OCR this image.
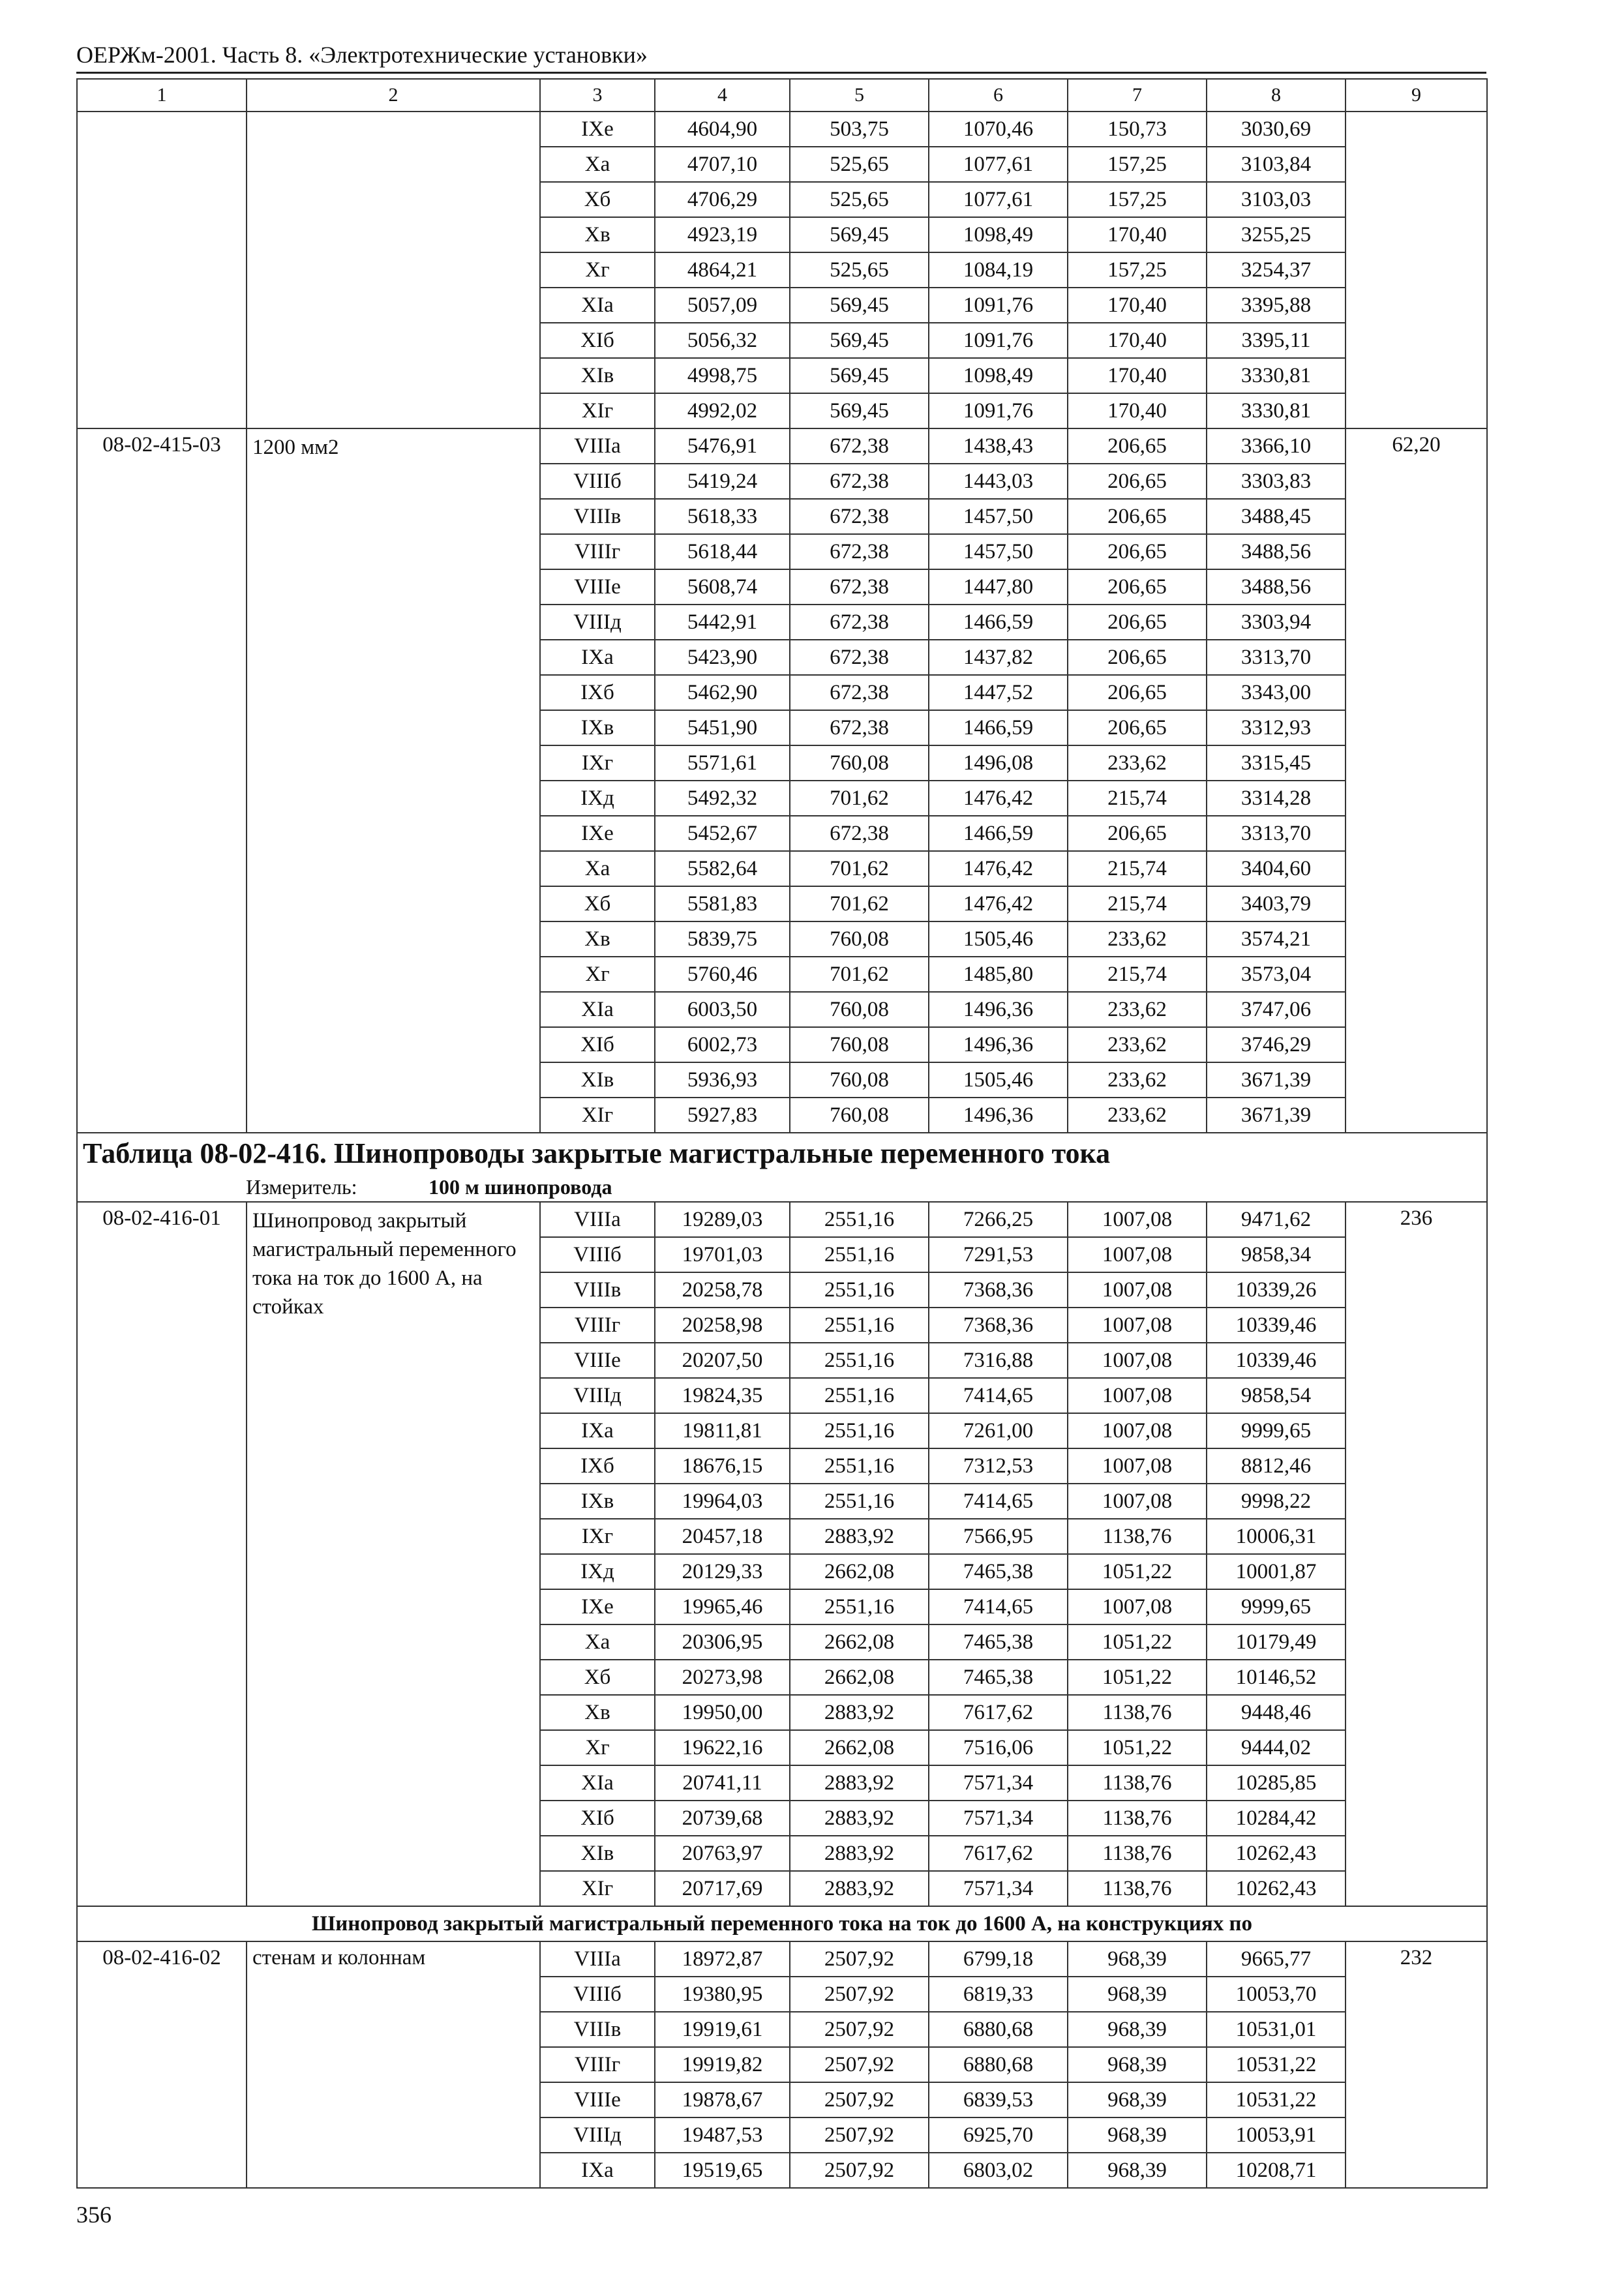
ОЕРЖм-2001. Часть 8. «Электротехнические установки»
1	2	3	4	5	6	7	8	9
		IXе	4604,90	503,75	1070,46	150,73	3030,69	
		Xа	4707,10	525,65	1077,61	157,25	3103,84	
		Xб	4706,29	525,65	1077,61	157,25	3103,03	
		Xв	4923,19	569,45	1098,49	170,40	3255,25	
		Xг	4864,21	525,65	1084,19	157,25	3254,37	
		XIа	5057,09	569,45	1091,76	170,40	3395,88	
		XIб	5056,32	569,45	1091,76	170,40	3395,11	
		XIв	4998,75	569,45	1098,49	170,40	3330,81	
		XIг	4992,02	569,45	1091,76	170,40	3330,81	
08-02-415-03	1200 мм2	VIIIа	5476,91	672,38	1438,43	206,65	3366,10	62,20
		VIIIб	5419,24	672,38	1443,03	206,65	3303,83	
		VIIIв	5618,33	672,38	1457,50	206,65	3488,45	
		VIIIг	5618,44	672,38	1457,50	206,65	3488,56	
		VIIIе	5608,74	672,38	1447,80	206,65	3488,56	
		VIIIд	5442,91	672,38	1466,59	206,65	3303,94	
		IXа	5423,90	672,38	1437,82	206,65	3313,70	
		IXб	5462,90	672,38	1447,52	206,65	3343,00	
		IXв	5451,90	672,38	1466,59	206,65	3312,93	
		IXг	5571,61	760,08	1496,08	233,62	3315,45	
		IXд	5492,32	701,62	1476,42	215,74	3314,28	
		IXе	5452,67	672,38	1466,59	206,65	3313,70	
		Xа	5582,64	701,62	1476,42	215,74	3404,60	
		Xб	5581,83	701,62	1476,42	215,74	3403,79	
		Xв	5839,75	760,08	1505,46	233,62	3574,21	
		Xг	5760,46	701,62	1485,80	215,74	3573,04	
		XIа	6003,50	760,08	1496,36	233,62	3747,06	
		XIб	6002,73	760,08	1496,36	233,62	3746,29	
		XIв	5936,93	760,08	1505,46	233,62	3671,39	
		XIг	5927,83	760,08	1496,36	233,62	3671,39	
Таблица 08-02-416. Шинопроводы закрытые магистральные переменного тока								
Измеритель: 100 м шинопровода								
08-02-416-01	Шинопровод закрытый магистральный переменного тока на ток до 1600 А, на стойках	VIIIа	19289,03	2551,16	7266,25	1007,08	9471,62	236
		VIIIб	19701,03	2551,16	7291,53	1007,08	9858,34	
		VIIIв	20258,78	2551,16	7368,36	1007,08	10339,26	
		VIIIг	20258,98	2551,16	7368,36	1007,08	10339,46	
		VIIIе	20207,50	2551,16	7316,88	1007,08	10339,46	
		VIIIд	19824,35	2551,16	7414,65	1007,08	9858,54	
		IXа	19811,81	2551,16	7261,00	1007,08	9999,65	
		IXб	18676,15	2551,16	7312,53	1007,08	8812,46	
		IXв	19964,03	2551,16	7414,65	1007,08	9998,22	
		IXг	20457,18	2883,92	7566,95	1138,76	10006,31	
		IXд	20129,33	2662,08	7465,38	1051,22	10001,87	
		IXе	19965,46	2551,16	7414,65	1007,08	9999,65	
		Xа	20306,95	2662,08	7465,38	1051,22	10179,49	
		Xб	20273,98	2662,08	7465,38	1051,22	10146,52	
		Xв	19950,00	2883,92	7617,62	1138,76	9448,46	
		Xг	19622,16	2662,08	7516,06	1051,22	9444,02	
		XIа	20741,11	2883,92	7571,34	1138,76	10285,85	
		XIб	20739,68	2883,92	7571,34	1138,76	10284,42	
		XIв	20763,97	2883,92	7617,62	1138,76	10262,43	
		XIг	20717,69	2883,92	7571,34	1138,76	10262,43	
Шинопровод закрытый магистральный переменного тока на ток до 1600 А, на конструкциях по								
08-02-416-02	стенам и колоннам	VIIIа	18972,87	2507,92	6799,18	968,39	9665,77	232
		VIIIб	19380,95	2507,92	6819,33	968,39	10053,70	
		VIIIв	19919,61	2507,92	6880,68	968,39	10531,01	
		VIIIг	19919,82	2507,92	6880,68	968,39	10531,22	
		VIIIе	19878,67	2507,92	6839,53	968,39	10531,22	
		VIIIд	19487,53	2507,92	6925,70	968,39	10053,91	
		IXа	19519,65	2507,92	6803,02	968,39	10208,71	
356
